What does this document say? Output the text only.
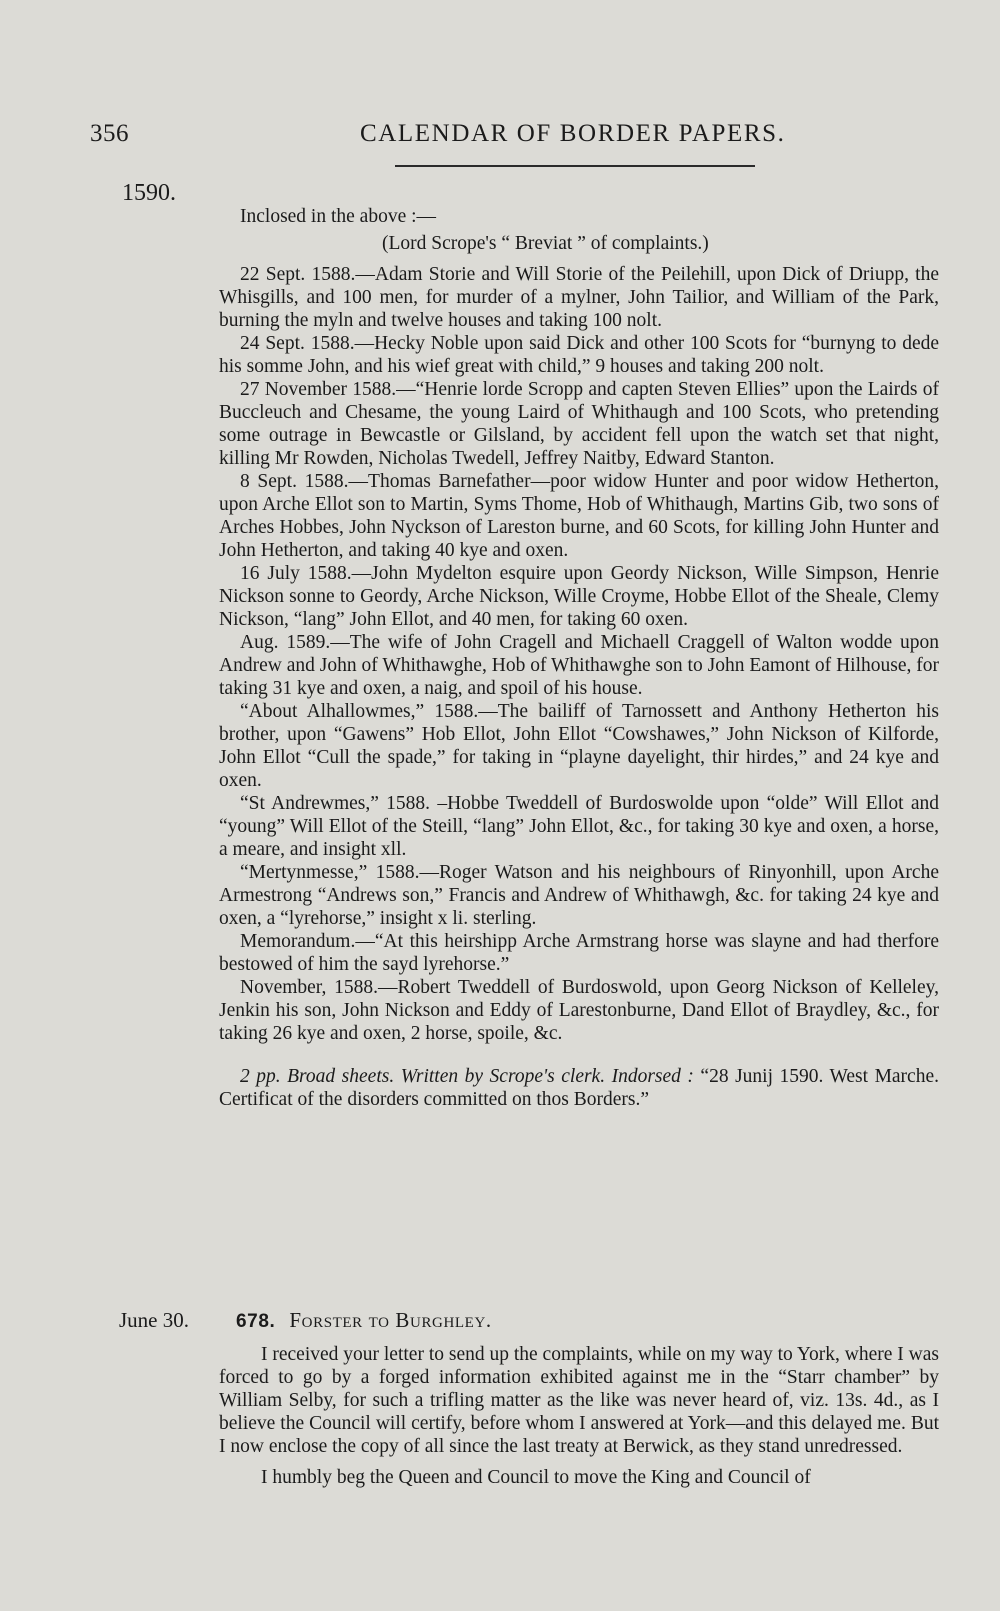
356	CALENDAR OF BORDER PAPERS.
1590.

Inclosed in the above :—

(Lord Scrope's “ Breviat ” of complaints.)

22 Sept. 1588.—Adam Storie and Will Storie of the Peilehill, upon Dick of Driupp, the Whisgills, and 100 men, for murder of a mylner, John Tailior, and William of the Park, burning the myln and twelve houses and taking 100 nolt.

24 Sept. 1588.—Hecky Noble upon said Dick and other 100 Scots for “burnyng to dede his somme John, and his wief great with child,” 9 houses and taking 200 nolt.

27 November 1588.—“Henrie lorde Scropp and capten Steven Ellies” upon the Lairds of Buccleuch and Chesame, the young Laird of Whithaugh and 100 Scots, who pretending some outrage in Bewcastle or Gilsland, by accident fell upon the watch set that night, killing Mr Rowden, Nicholas Twedell, Jeffrey Naitby, Edward Stanton.

8 Sept. 1588.—Thomas Barnefather—poor widow Hunter and poor widow Hetherton, upon Arche Ellot son to Martin, Syms Thome, Hob of Whithaugh, Martins Gib, two sons of Arches Hobbes, John Nyckson of Lareston burne, and 60 Scots, for killing John Hunter and John Hetherton, and taking 40 kye and oxen.

16 July 1588.—John Mydelton esquire upon Geordy Nickson, Wille Simpson, Henrie Nickson sonne to Geordy, Arche Nickson, Wille Croyme, Hobbe Ellot of the Sheale, Clemy Nickson, “lang” John Ellot, and 40 men, for taking 60 oxen.

Aug. 1589.—The wife of John Cragell and Michaell Craggell of Walton wodde upon Andrew and John of Whithawghe, Hob of Whithawghe son to John Eamont of Hilhouse, for taking 31 kye and oxen, a naig, and spoil of his house.

“About Alhallowmes,” 1588.—The bailiff of Tarnossett and Anthony Hetherton his brother, upon “Gawens” Hob Ellot, John Ellot “Cowshawes,” John Nickson of Kilforde, John Ellot “Cull the spade,” for taking in “playne dayelight, thir hirdes,” and 24 kye and oxen.

“St Andrewmes,” 1588. –Hobbe Tweddell of Burdoswolde upon “olde” Will Ellot and “young” Will Ellot of the Steill, “lang” John Ellot, &c., for taking 30 kye and oxen, a horse, a meare, and insight xll.

“Mertynmesse,” 1588.—Roger Watson and his neighbours of Rinyonhill, upon Arche Armestrong “Andrews son,” Francis and Andrew of Whithawgh, &c. for taking 24 kye and oxen, a “lyrehorse,” insight x li. sterling.

Memorandum.—“At this heirshipp Arche Armstrang horse was slayne and had therfore bestowed of him the sayd lyrehorse.”

November, 1588.—Robert Tweddell of Burdoswold, upon Georg Nickson of Kelleley, Jenkin his son, John Nickson and Eddy of Larestonburne, Dand Ellot of Braydley, &c., for taking 26 kye and oxen, 2 horse, spoile, &c.

2 pp. Broad sheets. Written by Scrope's clerk. Indorsed : “28 Junij 1590. West Marche. Certificat of the disorders committed on thos Borders.”

June 30. 678. Forster to Burghley.

I received your letter to send up the complaints, while on my way to York, where I was forced to go by a forged information exhibited against me in the “Starr chamber” by William Selby, for such a trifling matter as the like was never heard of, viz. 13s. 4d., as I believe the Council will certify, before whom I answered at York—and this delayed me. But I now enclose the copy of all since the last treaty at Berwick, as they stand unredressed.

I humbly beg the Queen and Council to move the King and Council of
